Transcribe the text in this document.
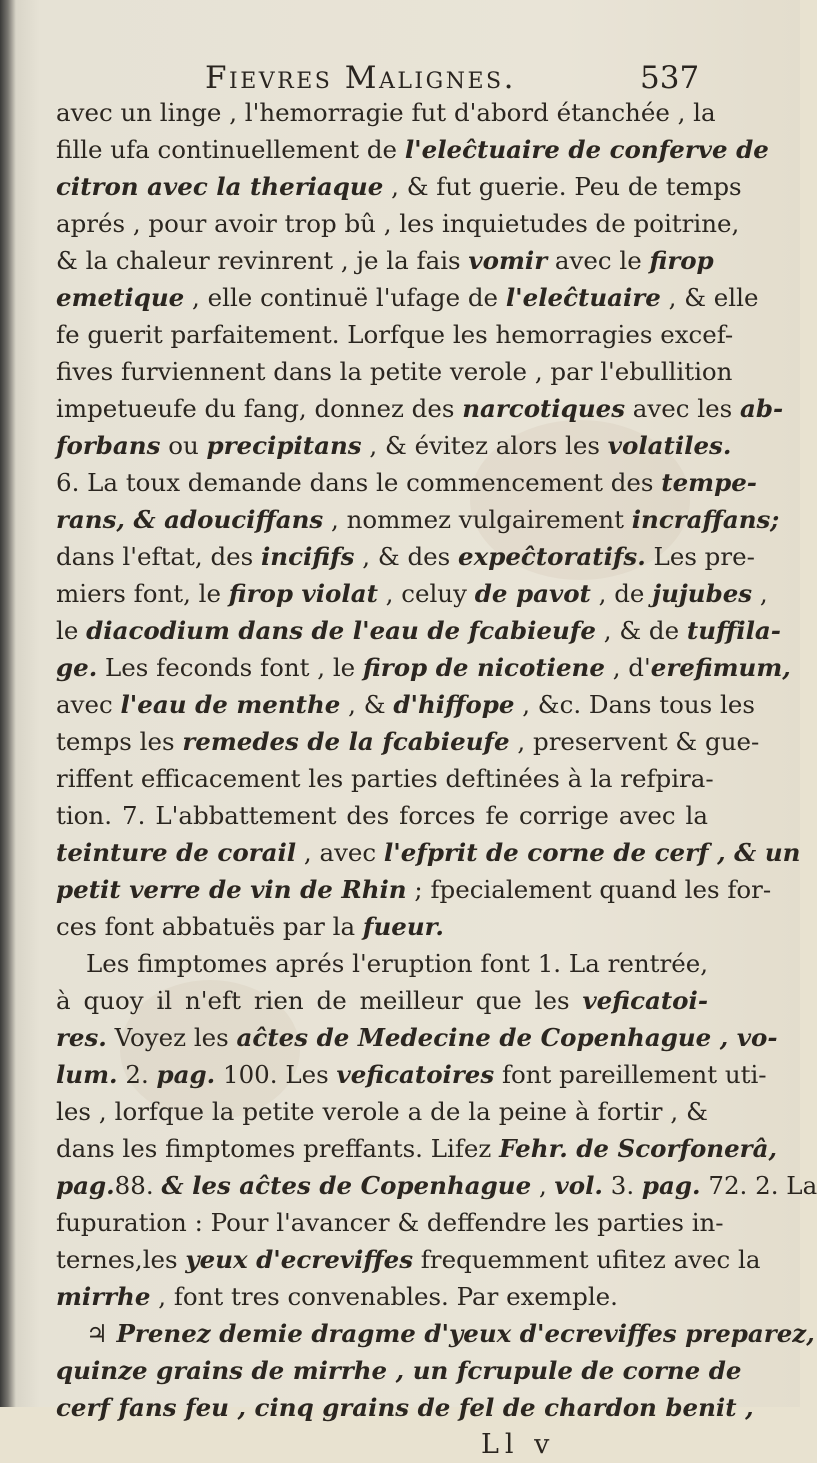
Fievres Malignes.	537
avec un linge , l'hemorragie fut d'abord étanchée , la
fille ufa continuellement de l'eleĉtuaire de conferve de
citron avec la theriaque , & fut guerie. Peu de temps
aprés , pour avoir trop bû , les inquietudes de poitrine,
& la chaleur revinrent , je la fais vomir avec le firop
emetique , elle continuë l'ufage de l'eleĉtuaire , & elle
fe guerit parfaitement. Lorfque les hemorragies excef-
fives furviennent dans la petite verole , par l'ebullition
impetueufe du fang, donnez des narcotiques avec les ab-
forbans ou precipitans , & évitez alors les volatiles.
6. La toux demande dans le commencement des tempe-
rans, & adouciffans , nommez vulgairement incraffans;
dans l'eftat, des incififs , & des expeĉtoratifs. Les pre-
miers font, le firop violat , celuy de pavot , de jujubes ,
le diacodium dans de l'eau de fcabieufe , & de tuffila-
ge. Les feconds font , le firop de nicotiene , d'erefimum,
avec l'eau de menthe , & d'hiffope , &c. Dans tous les
temps les remedes de la fcabieufe , preservent & gue-
riffent efficacement les parties deftinées à la refpira-
tion. 7. L'abbattement des forces fe corrige avec la
teinture de corail , avec l'efprit de corne de cerf , & un
petit verre de vin de Rhin ; fpecialement quand les for-
ces font abbatuës par la fueur.
Les fimptomes aprés l'eruption font 1. La rentrée,
à quoy il n'eft rien de meilleur que les veficatoi-
res. Voyez les aĉtes de Medecine de Copenhague , vo-
lum. 2. pag. 100. Les veficatoires font pareillement uti-
les , lorfque la petite verole a de la peine à fortir , &
dans les fimptomes preffants. Lifez Fehr. de Scorfonerâ,
pag.88. & les aĉtes de Copenhague , vol. 3. pag. 72. 2. La
fupuration : Pour l'avancer & deffendre les parties in-
ternes,les yeux d'ecreviffes frequemment ufitez avec la
mirrhe , font tres convenables. Par exemple.
♃ Prenez demie dragme d'yeux d'ecreviffes preparez,
quinze grains de mirrhe , un fcrupule de corne de
cerf fans feu , cinq grains de fel de chardon benit ,
Ll v
